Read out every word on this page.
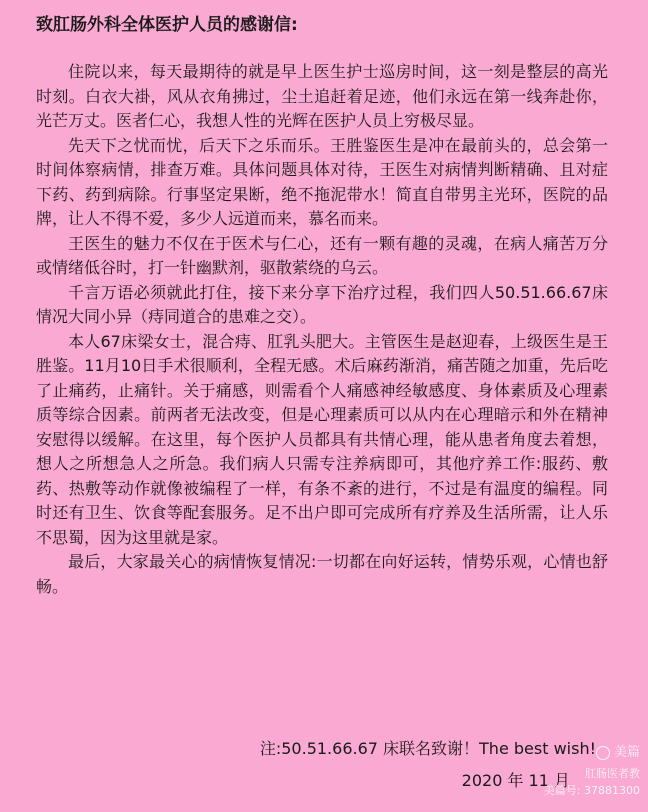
致肛肠外科全体医护人员的感谢信:

住院以来，每天最期待的就是早上医生护士巡房时间，这一刻是整层的高光时刻。白衣大褂，风从衣角拂过，尘土追赶着足迹，他们永远在第一线奔赴你，光芒万丈。医者仁心，我想人性的光辉在医护人员上穷极尽显。

先天下之忧而忧，后天下之乐而乐。王胜鉴医生是冲在最前头的，总会第一时间体察病情，排查万难。具体问题具体对待，王医生对病情判断精确、且对症下药、药到病除。行事坚定果断，绝不拖泥带水！简直自带男主光环，医院的品牌，让人不得不爱，多少人远道而来，慕名而来。

王医生的魅力不仅在于医术与仁心，还有一颗有趣的灵魂，在病人痛苦万分或情绪低谷时，打一针幽默剂，驱散萦绕的乌云。

千言万语必须就此打住，接下来分享下治疗过程，我们四人50.51.66.67床情况大同小异（痔同道合的患难之交）。

本人67床梁女士，混合痔、肛乳头肥大。主管医生是赵迎春，上级医生是王胜鉴。11月10日手术很顺利，全程无感。术后麻药渐消，痛苦随之加重，先后吃了止痛药，止痛针。关于痛感，则需看个人痛感神经敏感度、身体素质及心理素质等综合因素。前两者无法改变，但是心理素质可以从内在心理暗示和外在精神安慰得以缓解。在这里，每个医护人员都具有共情心理，能从患者角度去着想，想人之所想急人之所急。我们病人只需专注养病即可，其他疗养工作:服药、敷药、热敷等动作就像被编程了一样，有条不紊的进行，不过是有温度的编程。同时还有卫生、饮食等配套服务。足不出户即可完成所有疗养及生活所需，让人乐不思蜀，因为这里就是家。

最后，大家最关心的病情恢复情况:一切都在向好运转，情势乐观，心情也舒畅。

注:50.51.66.67 床联名致谢！The best wish!
2020 年 11 月
美篇
肛肠医者教
美篇号: 37881300
